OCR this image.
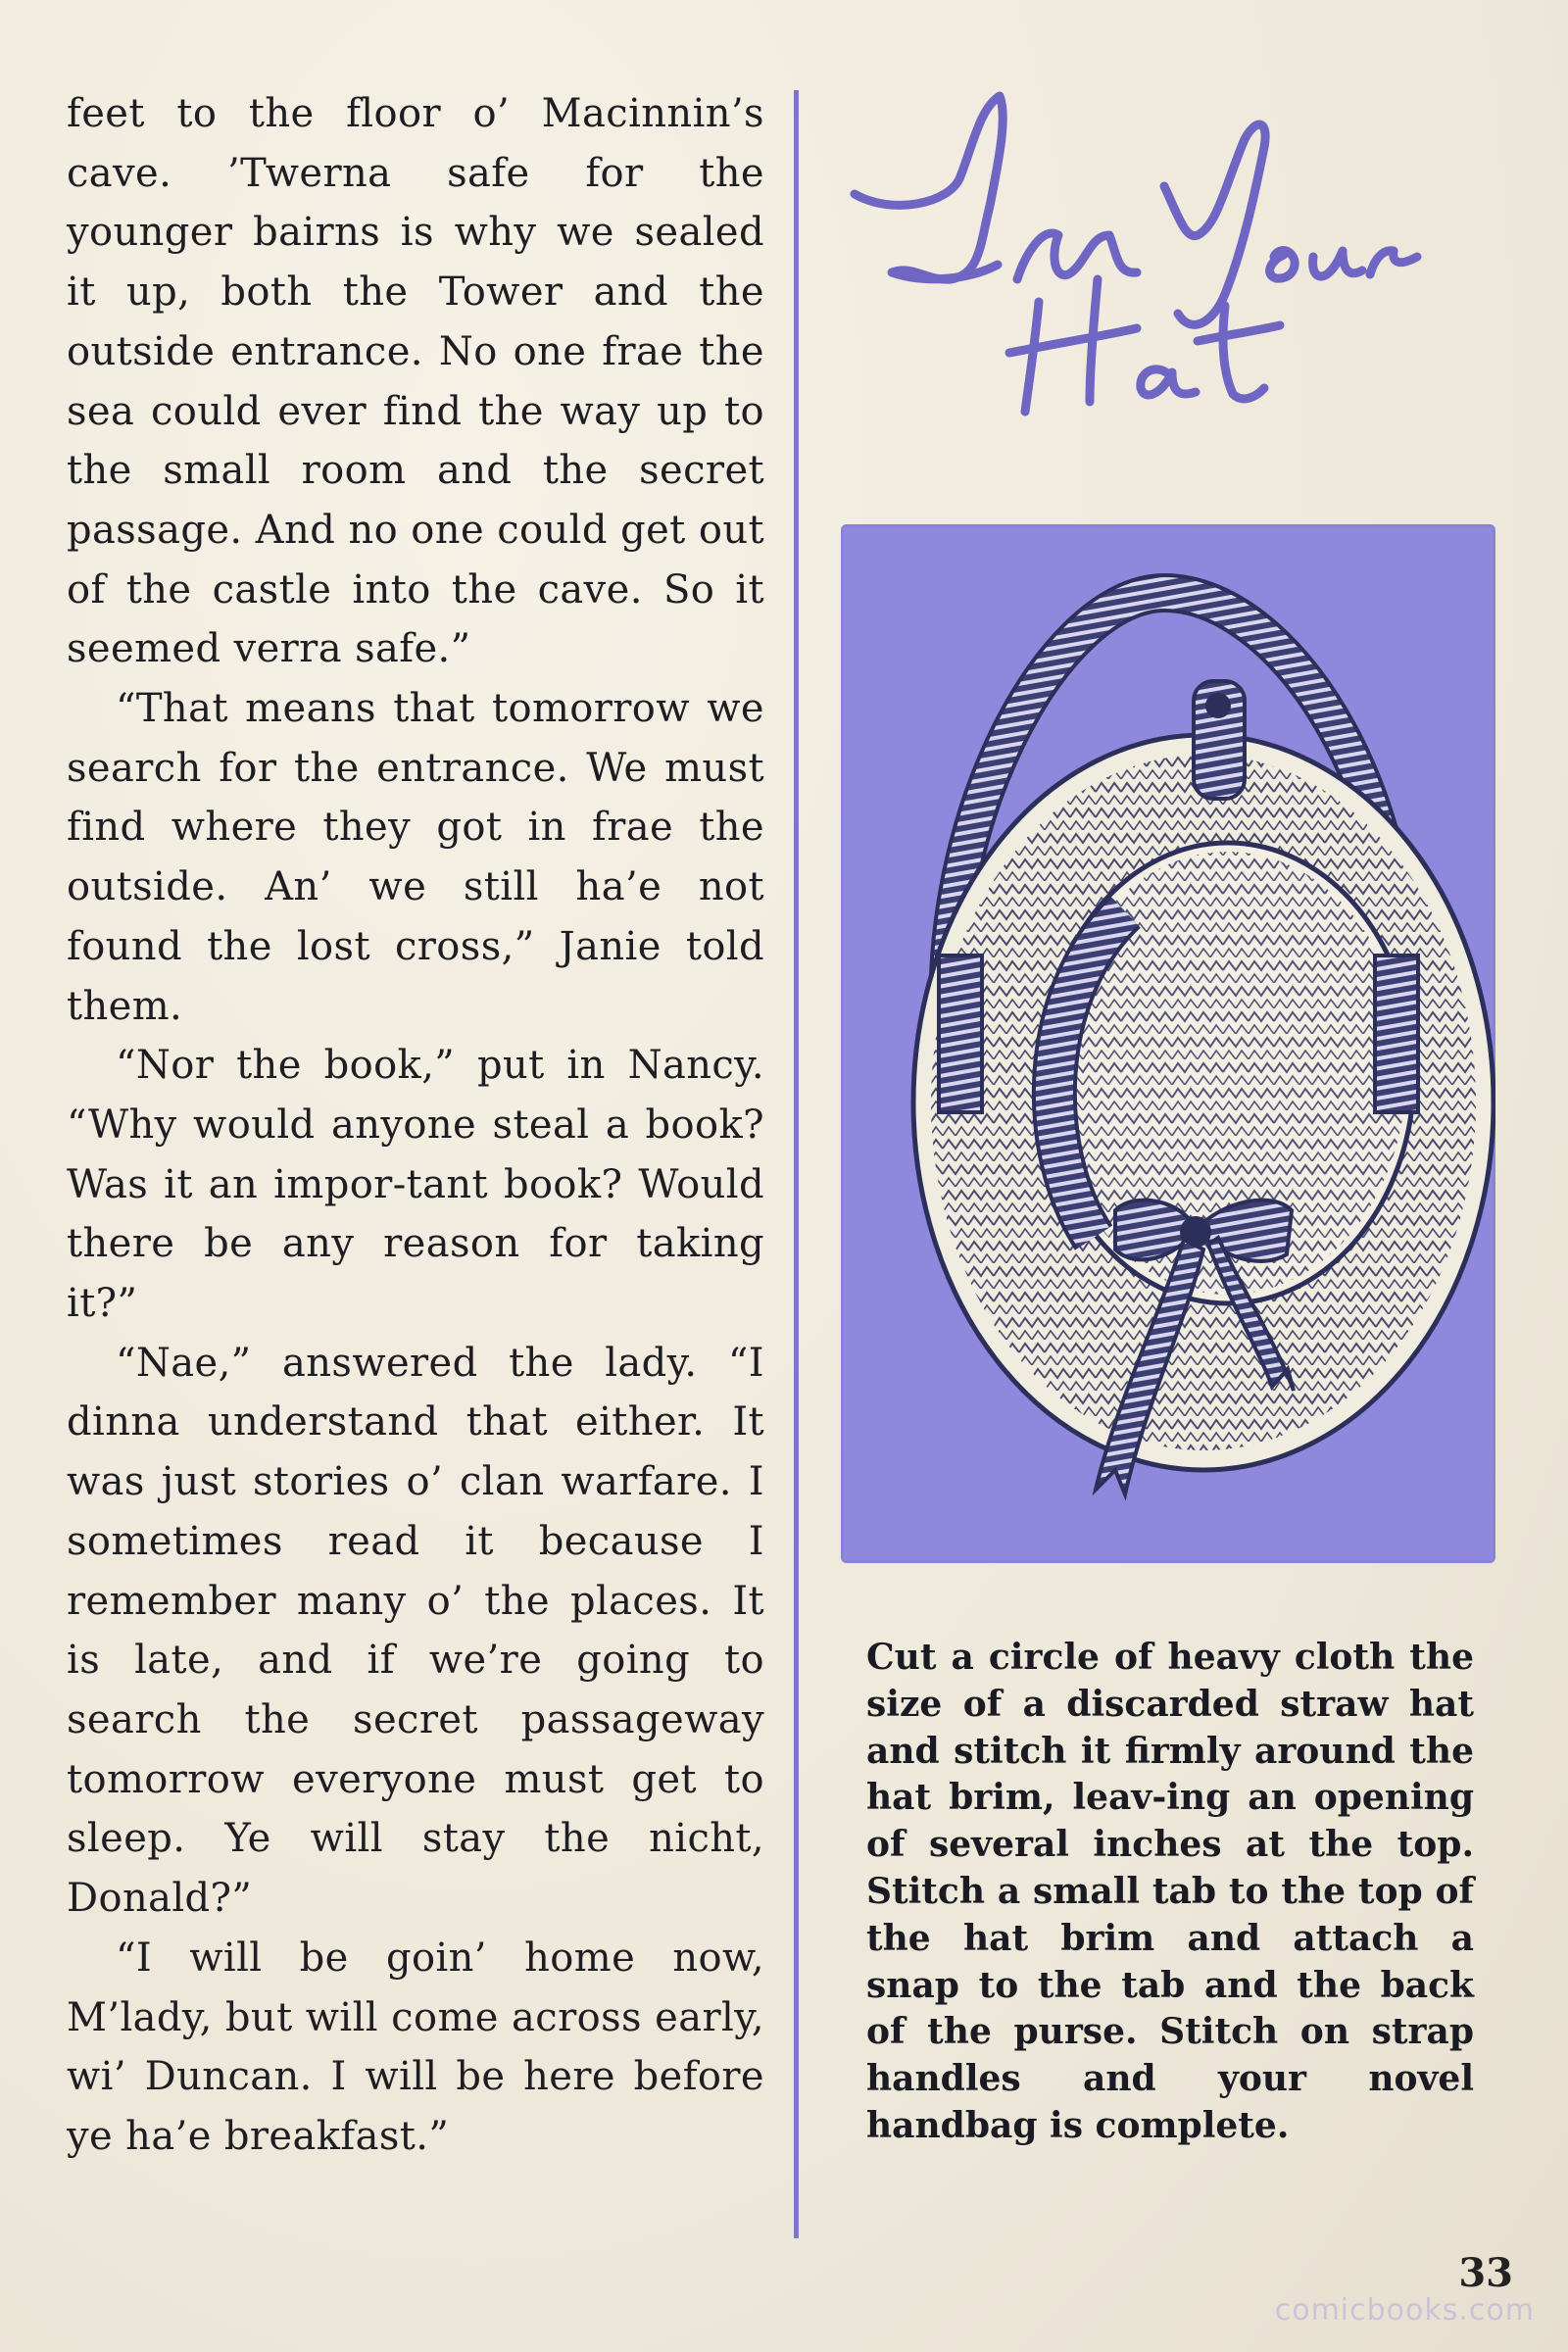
feet to the floor o’ Macinnin’s cave. ’Twerna safe for the younger bairns is why we sealed it up, both the Tower and the outside entrance. No one frae the sea could ever find the way up to the small room and the secret passage. And no one could get out of the castle into the cave. So it seemed verra safe.”

“That means that tomorrow we search for the entrance. We must find where they got in frae the outside. An’ we still ha’e not found the lost cross,” Janie told them.

“Nor the book,” put in Nancy. “Why would anyone steal a book? Was it an impor-tant book? Would there be any reason for taking it?”

“Nae,” answered the lady. “I dinna understand that either. It was just stories o’ clan warfare. I sometimes read it because I remember many o’ the places. It is late, and if we’re going to search the secret passageway tomorrow everyone must get to sleep. Ye will stay the nicht, Donald?”

“I will be goin’ home now, M’lady, but will come across early, wi’ Duncan. I will be here before ye ha’e breakfast.”

Cut a circle of heavy cloth the size of a discarded straw hat and stitch it firmly around the hat brim, leav-ing an opening of several inches at the top. Stitch a small tab to the top of the hat brim and attach a snap to the tab and the back of the purse. Stitch on strap handles and your novel handbag is complete.
33
comicbooks.com
